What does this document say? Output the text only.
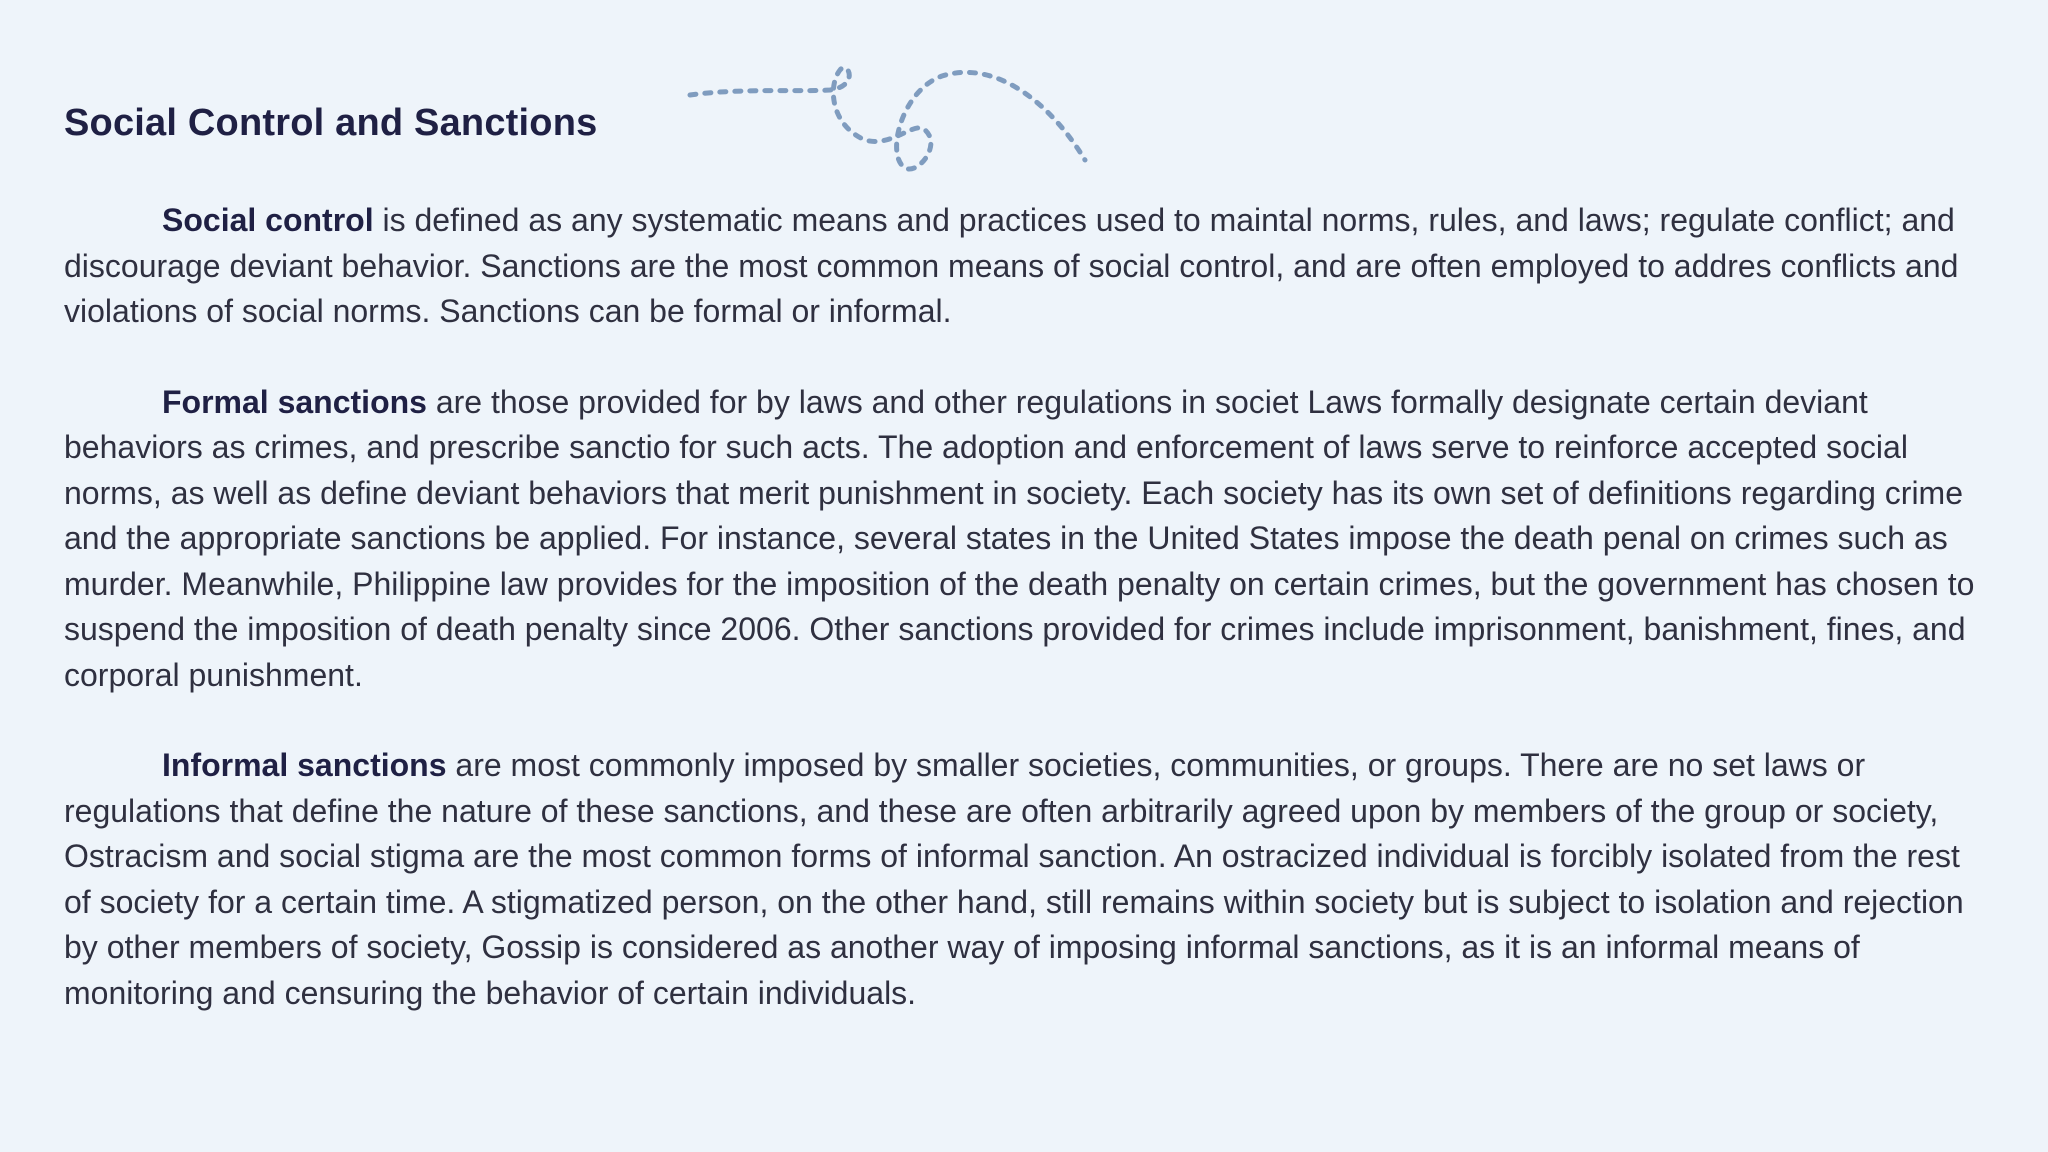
Social Control and Sanctions

Social control is defined as any systematic means and practices used to maintal norms, rules, and laws; regulate conflict; and discourage deviant behavior. Sanctions are the most common means of social control, and are often employed to addres conflicts and violations of social norms. Sanctions can be formal or informal.

Formal sanctions are those provided for by laws and other regulations in societ Laws formally designate certain deviant behaviors as crimes, and prescribe sanctio for such acts. The adoption and enforcement of laws serve to reinforce accepted social norms, as well as define deviant behaviors that merit punishment in society. Each society has its own set of definitions regarding crime and the appropriate sanctions be applied. For instance, several states in the United States impose the death penal on crimes such as murder. Meanwhile, Philippine law provides for the imposition of the death penalty on certain crimes, but the government has chosen to suspend the imposition of death penalty since 2006. Other sanctions provided for crimes include imprisonment, banishment, fines, and corporal punishment.

Informal sanctions are most commonly imposed by smaller societies, communities, or groups. There are no set laws or regulations that define the nature of these sanctions, and these are often arbitrarily agreed upon by members of the group or society, Ostracism and social stigma are the most common forms of informal sanction. An ostracized individual is forcibly isolated from the rest of society for a certain time. A stigmatized person, on the other hand, still remains within society but is subject to isolation and rejection by other members of society, Gossip is considered as another way of imposing informal sanctions, as it is an informal means of monitoring and censuring the behavior of certain individuals.
